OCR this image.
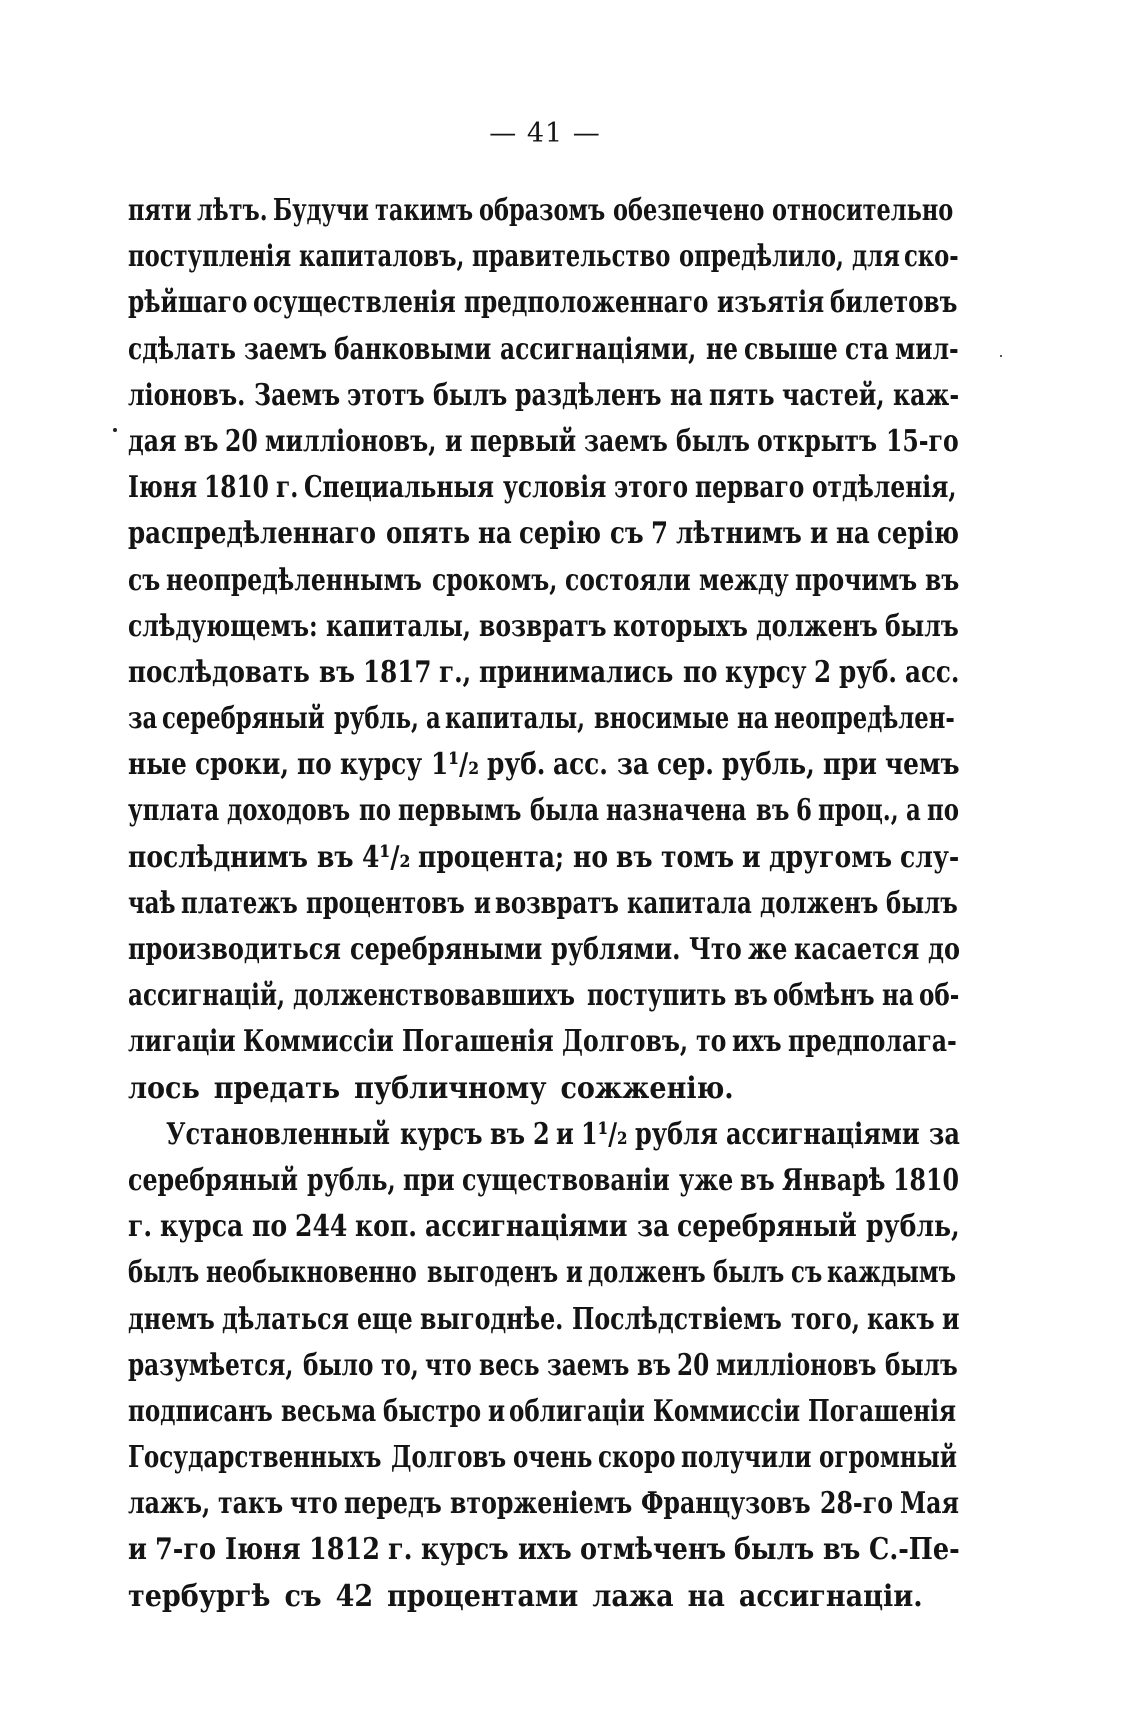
— 41 —
пяти лѣтъ. Будучи такимъ образомъ обезпечено относительно
поступленія капиталовъ, правительство опредѣлило, для ско-
рѣйшаго осуществленія предположеннаго изъятія билетовъ
сдѣлать заемъ банковыми ассигнаціями, не свыше ста мил-
ліоновъ. Заемъ этотъ былъ раздѣленъ на пять частей, каж-
дая въ 20 милліоновъ, и первый заемъ былъ открытъ 15-го
Іюня 1810 г. Специальныя условія этого перваго отдѣленія,
распредѣленнаго опять на серію съ 7 лѣтнимъ и на серію
съ неопредѣленнымъ срокомъ, состояли между прочимъ въ
слѣдующемъ: капиталы, возвратъ которыхъ долженъ былъ
послѣдовать въ 1817 г., принимались по курсу 2 руб. асс.
за серебряный рубль, а капиталы, вносимые на неопредѣлен-
ные сроки, по курсу 1¹/₂ руб. асс. за сер. рубль, при чемъ
уплата доходовъ по первымъ была назначена въ 6 проц., а по
послѣднимъ въ 4¹/₂ процента; но въ томъ и другомъ слу-
чаѣ платежъ процентовъ и возвратъ капитала долженъ былъ
производиться серебряными рублями. Что же касается до
ассигнацій, долженствовавшихъ поступить въ обмѣнъ на об-
лигаціи Коммиссіи Погашенія Долговъ, то ихъ предполага-
лось предать публичному сожженію.
Установленный курсъ въ 2 и 1¹/₂ рубля ассигнаціями за
серебряный рубль, при существованіи уже въ Январѣ 1810
г. курса по 244 коп. ассигнаціями за серебряный рубль,
былъ необыкновенно выгоденъ и долженъ былъ съ каждымъ
днемъ дѣлаться еще выгоднѣе. Послѣдствіемъ того, какъ и
разумѣется, было то, что весь заемъ въ 20 милліоновъ былъ
подписанъ весьма быстро и облигаціи Коммиссіи Погашенія
Государственныхъ Долговъ очень скоро получили огромный
лажъ, такъ что передъ вторженіемъ Французовъ 28-го Мая
и 7-го Іюня 1812 г. курсъ ихъ отмѣченъ былъ въ С.-Пе-
тербургѣ съ 42 процентами лажа на ассигнаціи.
